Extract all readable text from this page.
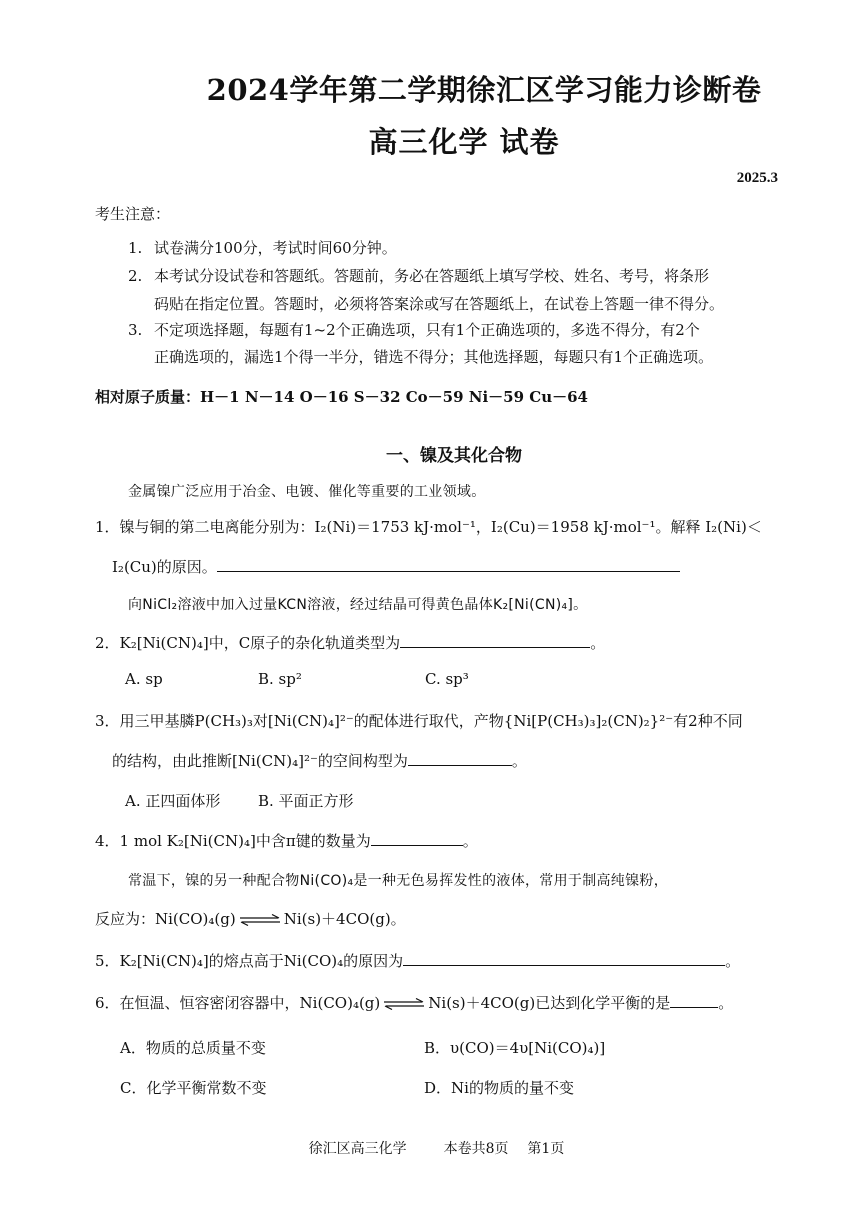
2024学年第二学期徐汇区学习能力诊断卷
高三化学 试卷
2025.3
考生注意：
1. 试卷满分100分，考试时间60分钟。
2. 本考试分设试卷和答题纸。答题前，务必在答题纸上填写学校、姓名、考号，将条形
码贴在指定位置。答题时，必须将答案涂或写在答题纸上，在试卷上答题一律不得分。
3. 不定项选择题，每题有1~2个正确选项，只有1个正确选项的，多选不得分，有2个
正确选项的，漏选1个得一半分，错选不得分；其他选择题，每题只有1个正确选项。
相对原子质量：H－1 N－14 O－16 S－32 Co－59 Ni－59 Cu－64
一、镍及其化合物
金属镍广泛应用于冶金、电镀、催化等重要的工业领域。
1．镍与铜的第二电离能分别为：I₂(Ni)＝1753 kJ·mol⁻¹，I₂(Cu)＝1958 kJ·mol⁻¹。解释 I₂(Ni)＜
I₂(Cu)的原因。
向NiCl₂溶液中加入过量KCN溶液，经过结晶可得黄色晶体K₂[Ni(CN)₄]。
2．K₂[Ni(CN)₄]中，C原子的杂化轨道类型为	。
A. sp	B. sp²	C. sp³
3．用三甲基膦P(CH₃)₃对[Ni(CN)₄]²⁻的配体进行取代，产物{Ni[P(CH₃)₃]₂(CN)₂}²⁻有2种不同
的结构，由此推断[Ni(CN)₄]²⁻的空间构型为	。
A. 正四面体形	B. 平面正方形
4．1 mol K₂[Ni(CN)₄]中含π键的数量为	。
常温下，镍的另一种配合物Ni(CO)₄是一种无色易挥发性的液体，常用于制高纯镍粉，
反应为：Ni(CO)₄(g) ⇌ Ni(s)＋4CO(g)。
5．K₂[Ni(CN)₄]的熔点高于Ni(CO)₄的原因为	。
6．在恒温、恒容密闭容器中，Ni(CO)₄(g) ⇌ Ni(s)＋4CO(g)已达到化学平衡的是	。
A．物质的总质量不变	B．υ(CO)＝4υ[Ni(CO)₄)]
C．化学平衡常数不变	D．Ni的物质的量不变
徐汇区高三化学	本卷共8页 第1页
